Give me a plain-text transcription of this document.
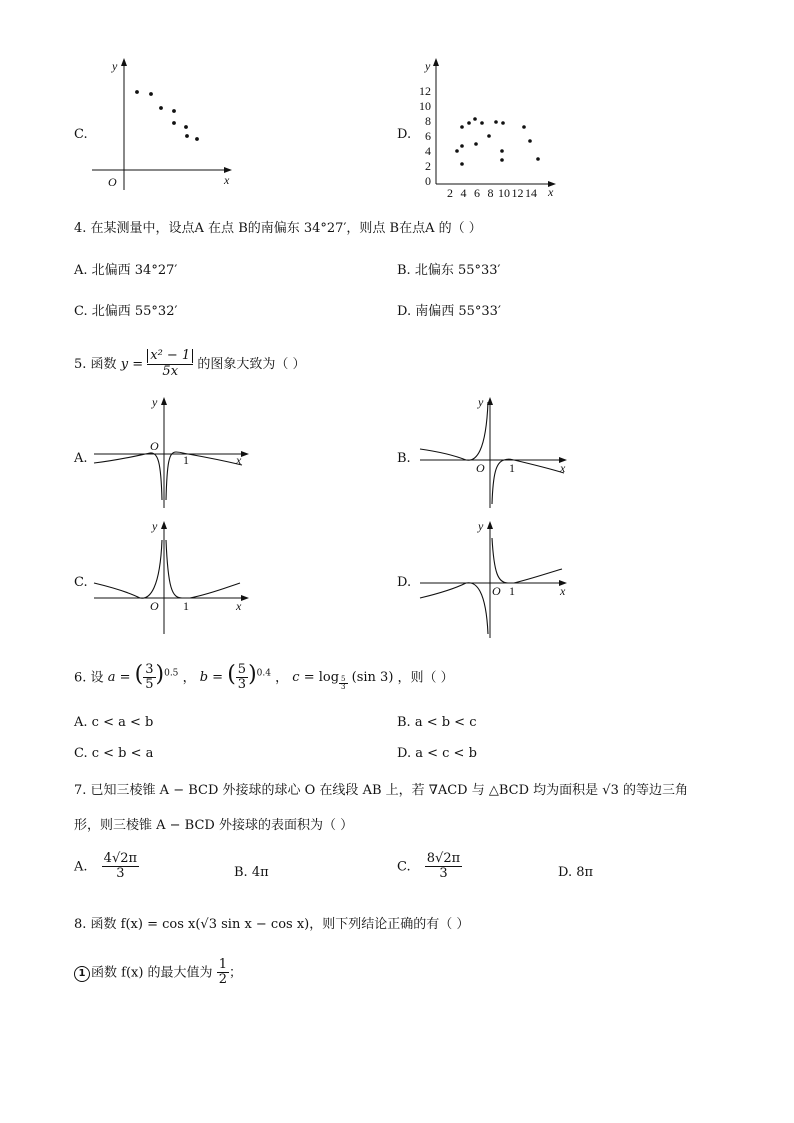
C.
y
x
O
D.
y
x
12
10
8
6
4
2
0
2 4 6 8 10 12 14
4. 在某测量中，设点A 在点 B的南偏东 34°27′，则点 B在点A 的（ ）
A. 北偏西 34°27′	B. 北偏东 55°33′
C. 北偏西 55°32′	D. 南偏西 55°33′
5. 函数 $y = \frac{\text{x² − 1}}{5x}$ 的图象大致为（ ）
A.
y
x
O
1	B.
y
x
O 1
C.
y
x
O 1
D.
y
x
O 1
6. 设 a = ( $\frac{3}{5} )^{0.5}$ ， b = ( $\frac{5}{3} )^{0.4}$ ， $c = \log \frac{5}{3} (\sin$ 3) ，则（ ）
A. c < a < b	B. a < b < c
C. c < b < a	D. a < c < b
7. 已知三棱锥 A − BCD 外接球的球心 O 在线段 AB 上，若 ∇ACD 与 △BCD 均为面积是 √3 的等边三角
形，则三棱锥 A − BCD 外接球的表面积为（ ）
A. $\frac{4√2\pi}{3}$	B. 4π	C. $\frac{8√2\pi}{3}$	D. 8π
8. 函数 f(x) = cos x(√3 sin x − cos x)，则下列结论正确的有（ ）
1 函数 f(x) 的最大值为 $\frac{1}{2}$ ；
